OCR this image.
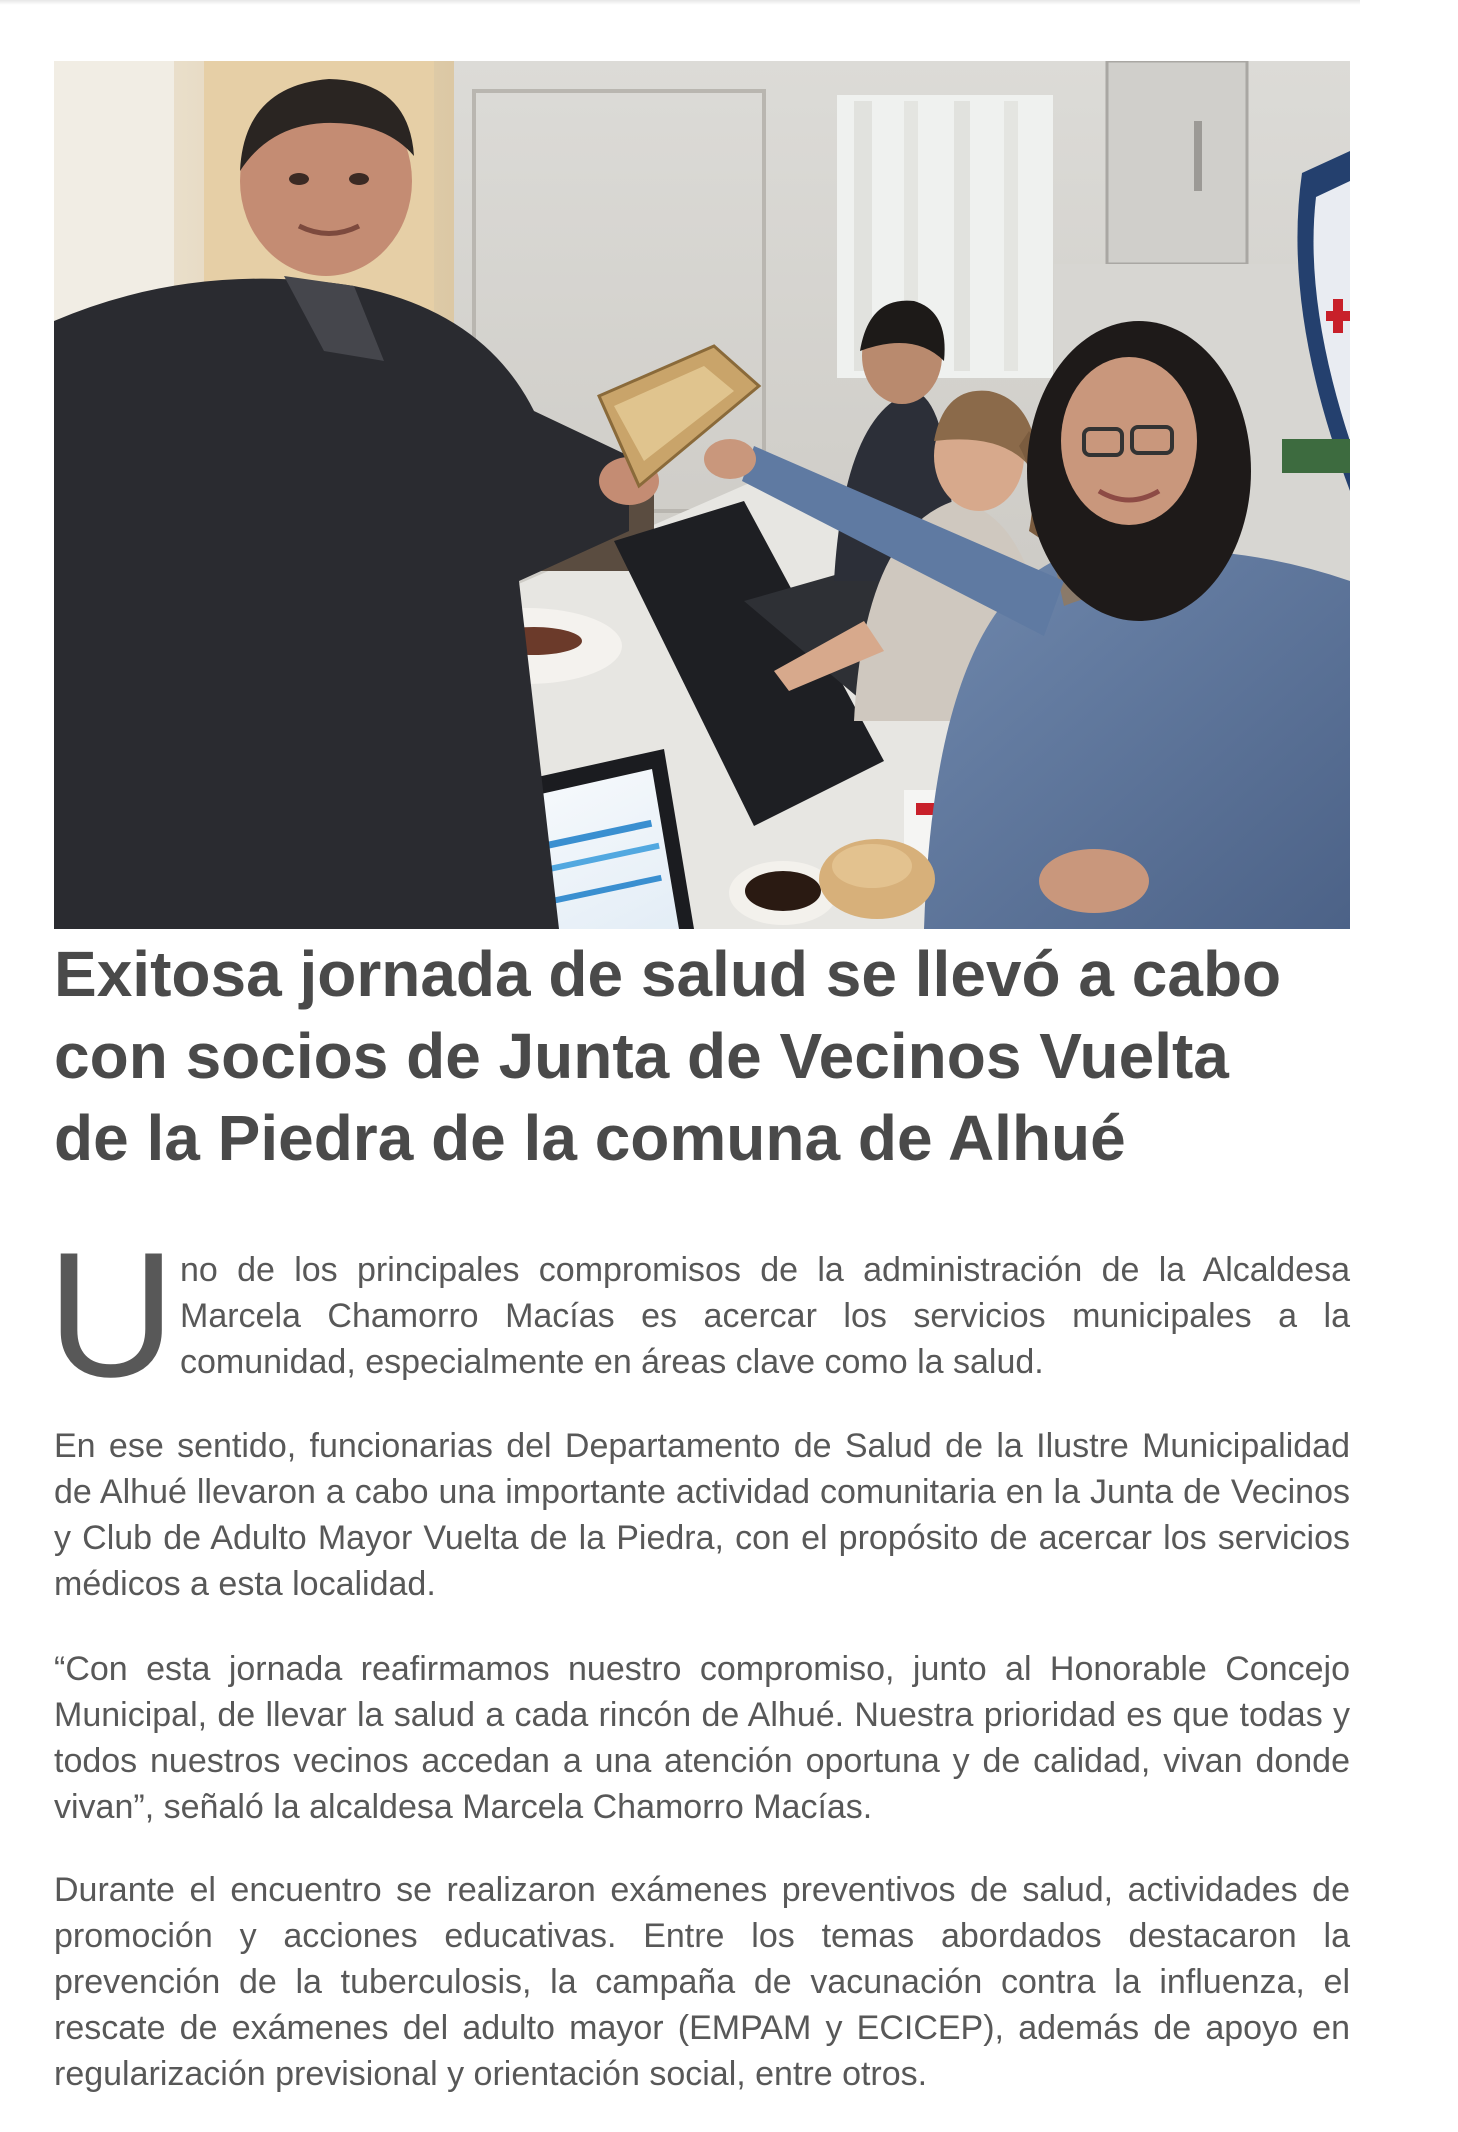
Exitosa jornada de salud se llevó a cabo con socios de Junta de Vecinos Vuelta de la Piedra de la comuna de Alhué
U no de los principales compromisos de la administración de la Alcaldesa Marcela Chamorro Macías es acercar los servicios municipales a la comunidad, especialmente en áreas clave como la salud.

En ese sentido, funcionarias del Departamento de Salud de la Ilustre Municipalidad de Alhué llevaron a cabo una importante actividad comunitaria en la Junta de Vecinos y Club de Adulto Mayor Vuelta de la Piedra, con el propósito de acercar los servicios médicos a esta localidad.

“Con esta jornada reafirmamos nuestro compromiso, junto al Honorable Concejo Municipal, de llevar la salud a cada rincón de Alhué. Nuestra prioridad es que todas y todos nuestros vecinos accedan a una atención oportuna y de calidad, vivan donde vivan”, señaló la alcaldesa Marcela Chamorro Macías.

Durante el encuentro se realizaron exámenes preventivos de salud, actividades de promoción y acciones educativas. Entre los temas abordados destacaron la prevención de la tuberculosis, la campaña de vacunación contra la influenza, el rescate de exámenes del adulto mayor (EMPAM y ECICEP), además de apoyo en regularización previsional y orientación social, entre otros.
